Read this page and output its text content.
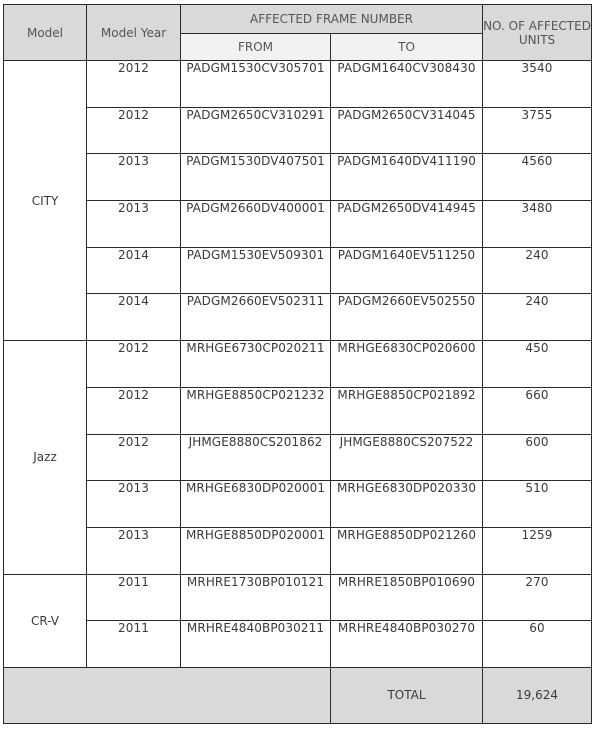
Model	Model Year	AFFECTED FRAME NUMBER		NO. OF AFFECTED UNITS
		FROM	TO	
CITY	2012	PADGM1530CV305701	PADGM1640CV308430	3540
	2012	PADGM2650CV310291	PADGM2650CV314045	3755
	2013	PADGM1530DV407501	PADGM1640DV411190	4560
	2013	PADGM2660DV400001	PADGM2650DV414945	3480
	2014	PADGM1530EV509301	PADGM1640EV511250	240
	2014	PADGM2660EV502311	PADGM2660EV502550	240
Jazz	2012	MRHGE6730CP020211	MRHGE6830CP020600	450
	2012	MRHGE8850CP021232	MRHGE8850CP021892	660
	2012	JHMGE8880CS201862	JHMGE8880CS207522	600
	2013	MRHGE6830DP020001	MRHGE6830DP020330	510
	2013	MRHGE8850DP020001	MRHGE8850DP021260	1259
CR-V	2011	MRHRE1730BP010121	MRHRE1850BP010690	270
	2011	MRHRE4840BP030211	MRHRE4840BP030270	60
			TOTAL	19,624
